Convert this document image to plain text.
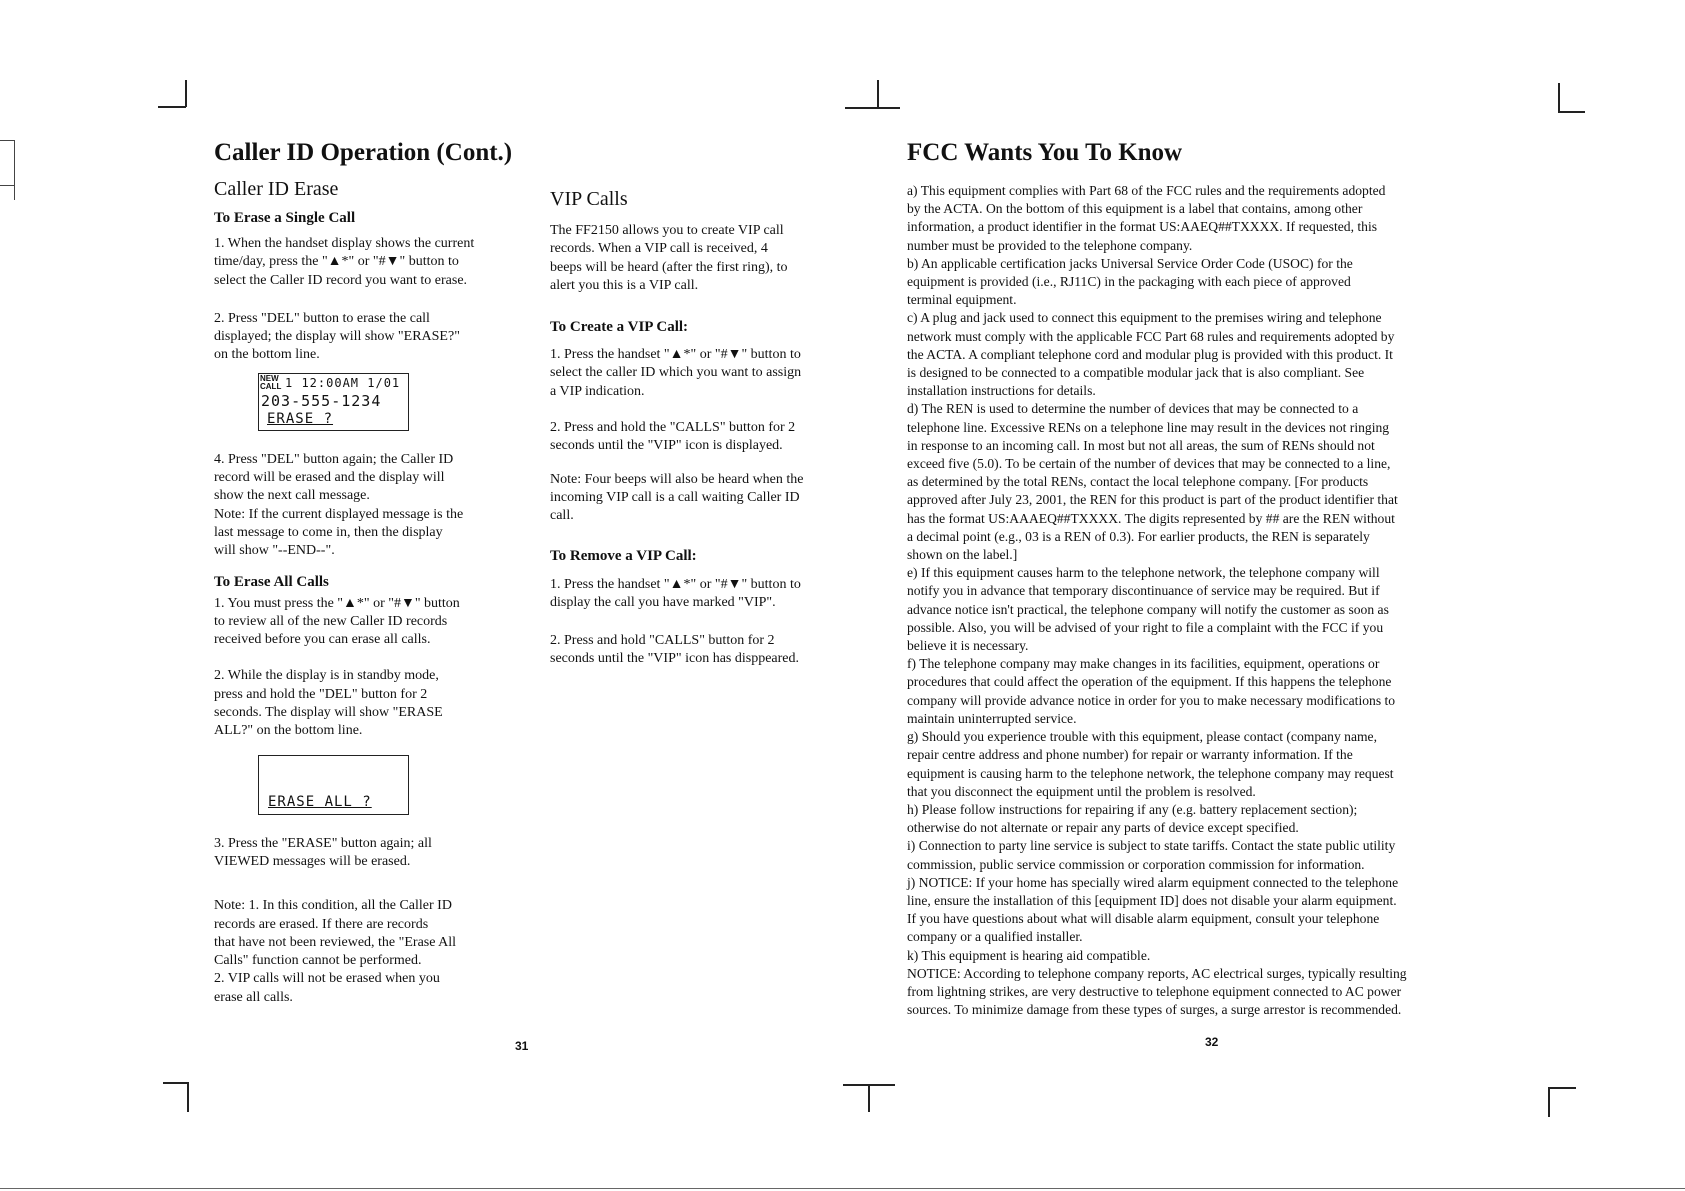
Caller ID Operation (Cont.)
Caller ID Erase
To Erase a Single Call

1. When the handset display shows the current
time/day, press the "▲*" or "#▼" button to
select the Caller ID record you want to erase.

2. Press "DEL" button to erase the call
displayed; the display will show "ERASE?"
on the bottom line.

NEW
CALL 1 12:00AM 1/01
203-555-1234
ERASE ?

4. Press "DEL" button again; the Caller ID
record will be erased and the display will
show the next call message.
Note: If the current displayed message is the
last message to come in, then the display
will show "--END--".

To Erase All Calls

1. You must press the "▲*" or "#▼" button
to review all of the new Caller ID records
received before you can erase all calls.

2. While the display is in standby mode,
press and hold the "DEL" button for 2
seconds. The display will show "ERASE
ALL?" on the bottom line.

ERASE ALL ?

3. Press the "ERASE" button again; all
VIEWED messages will be erased.

Note: 1. In this condition, all the Caller ID
records are erased. If there are records
that have not been reviewed, the "Erase All
Calls" function cannot be performed.
2. VIP calls will not be erased when you
erase all calls.

VIP Calls

The FF2150 allows you to create VIP call
records. When a VIP call is received, 4
beeps will be heard (after the first ring), to
alert you this is a VIP call.

To Create a VIP Call:

1. Press the handset "▲*" or "#▼" button to
select the caller ID which you want to assign
a VIP indication.

2. Press and hold the "CALLS" button for 2
seconds until the "VIP" icon is displayed.

Note: Four beeps will also be heard when the
incoming VIP call is a call waiting Caller ID
call.

To Remove a VIP Call:

1. Press the handset "▲*" or "#▼" button to
display the call you have marked "VIP".

2. Press and hold "CALLS" button for 2
seconds until the "VIP" icon has disppeared.

31
FCC Wants You To Know

a) This equipment complies with Part 68 of the FCC rules and the requirements adopted

by the ACTA. On the bottom of this equipment is a label that contains, among other

information, a product identifier in the format US:AAEQ##TXXXX. If requested, this

number must be provided to the telephone company.

b) An applicable certification jacks Universal Service Order Code (USOC) for the

equipment is provided (i.e., RJ11C) in the packaging with each piece of approved

terminal equipment.

c) A plug and jack used to connect this equipment to the premises wiring and telephone

network must comply with the applicable FCC Part 68 rules and requirements adopted by

the ACTA. A compliant telephone cord and modular plug is provided with this product. It

is designed to be connected to a compatible modular jack that is also compliant. See

installation instructions for details.

d) The REN is used to determine the number of devices that may be connected to a

telephone line. Excessive RENs on a telephone line may result in the devices not ringing

in response to an incoming call. In most but not all areas, the sum of RENs should not

exceed five (5.0). To be certain of the number of devices that may be connected to a line,

as determined by the total RENs, contact the local telephone company. [For products

approved after July 23, 2001, the REN for this product is part of the product identifier that

has the format US:AAAEQ##TXXXX. The digits represented by ## are the REN without

a decimal point (e.g., 03 is a REN of 0.3). For earlier products, the REN is separately

shown on the label.]

e) If this equipment causes harm to the telephone network, the telephone company will

notify you in advance that temporary discontinuance of service may be required. But if

advance notice isn't practical, the telephone company will notify the customer as soon as

possible. Also, you will be advised of your right to file a complaint with the FCC if you

believe it is necessary.

f) The telephone company may make changes in its facilities, equipment, operations or

procedures that could affect the operation of the equipment. If this happens the telephone

company will provide advance notice in order for you to make necessary modifications to

maintain uninterrupted service.

g) Should you experience trouble with this equipment, please contact (company name,

repair centre address and phone number) for repair or warranty information. If the

equipment is causing harm to the telephone network, the telephone company may request

that you disconnect the equipment until the problem is resolved.

h) Please follow instructions for repairing if any (e.g. battery replacement section);

otherwise do not alternate or repair any parts of device except specified.

i) Connection to party line service is subject to state tariffs. Contact the state public utility

commission, public service commission or corporation commission for information.

j) NOTICE: If your home has specially wired alarm equipment connected to the telephone

line, ensure the installation of this [equipment ID] does not disable your alarm equipment.

If you have questions about what will disable alarm equipment, consult your telephone

company or a qualified installer.

k) This equipment is hearing aid compatible.

NOTICE: According to telephone company reports, AC electrical surges, typically resulting

from lightning strikes, are very destructive to telephone equipment connected to AC power

sources. To minimize damage from these types of surges, a surge arrestor is recommended.

32
